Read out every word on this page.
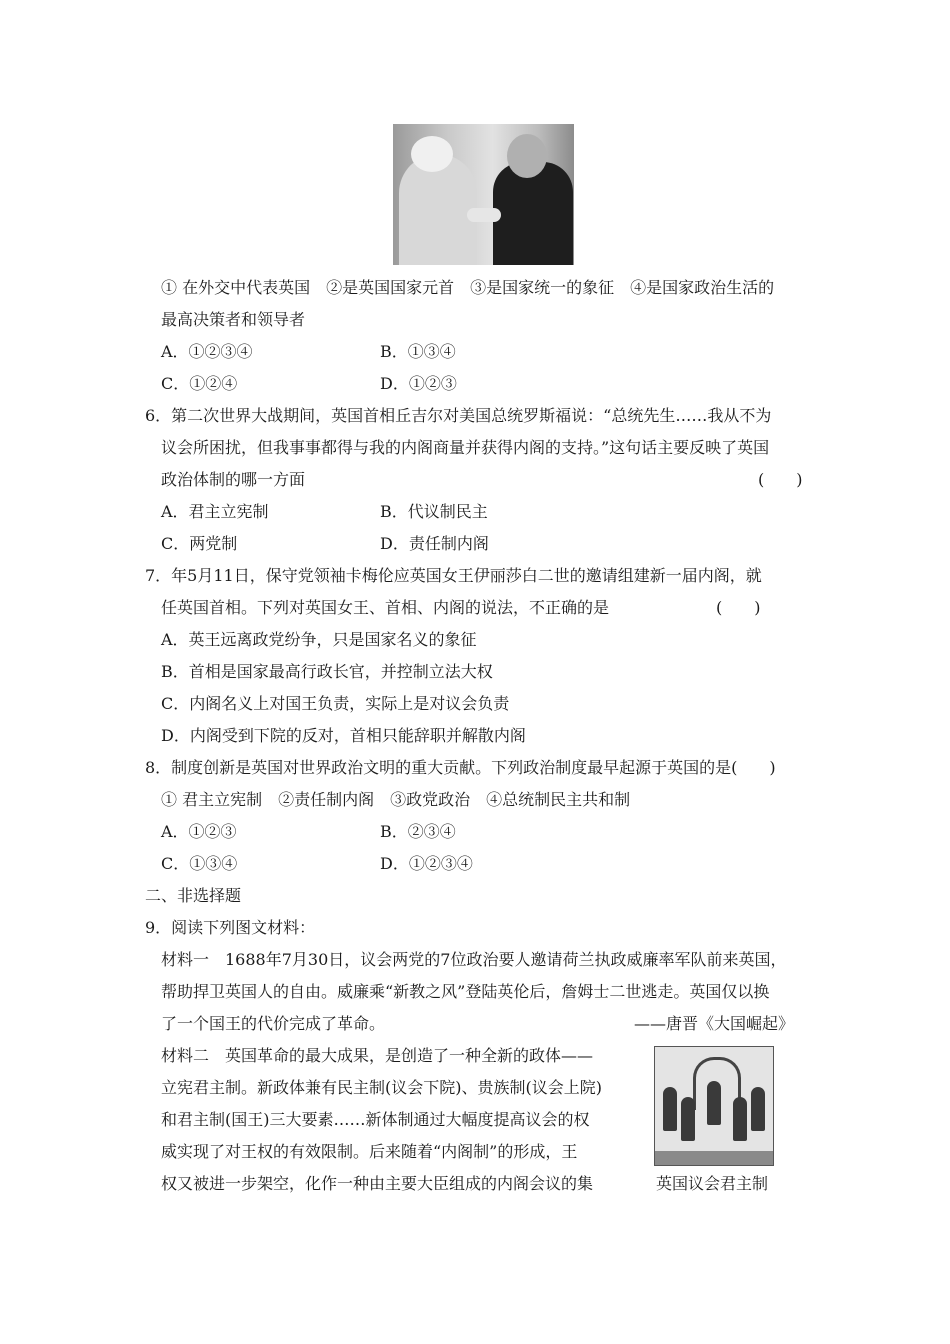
① 在外交中代表英国　②是英国国家元首　③是国家统一的象征　④是国家政治生活的
最高决策者和领导者
A．①②③④	B．①③④
C．①②④	D．①②③
6．第二次世界大战期间，英国首相丘吉尔对美国总统罗斯福说：“总统先生……我从不为
议会所困扰，但我事事都得与我的内阁商量并获得内阁的支持。”这句话主要反映了英国
政治体制的哪一方面	(　　)
A．君主立宪制	B．代议制民主
C．两党制	D．责任制内阁
7．年5月11日，保守党领袖卡梅伦应英国女王伊丽莎白二世的邀请组建新一届内阁，就
任英国首相。下列对英国女王、首相、内阁的说法，不正确的是	(　　)
A．英王远离政党纷争，只是国家名义的象征
B．首相是国家最高行政长官，并控制立法大权
C．内阁名义上对国王负责，实际上是对议会负责
D．内阁受到下院的反对，首相只能辞职并解散内阁
8．制度创新是英国对世界政治文明的重大贡献。下列政治制度最早起源于英国的是(　　)
① 君主立宪制　②责任制内阁　③政党政治　④总统制民主共和制
A．①②③	B．②③④
C．①③④	D．①②③④
二、非选择题
9．阅读下列图文材料：
材料一　1688年7月30日，议会两党的7位政治要人邀请荷兰执政威廉率军队前来英国，
帮助捍卫英国人的自由。威廉乘“新教之风”登陆英伦后，詹姆士二世逃走。英国仅以换
了一个国王的代价完成了革命。	——唐晋《大国崛起》
材料二　英国革命的最大成果，是创造了一种全新的政体——
立宪君主制。新政体兼有民主制(议会下院)、贵族制(议会上院)
和君主制(国王)三大要素……新体制通过大幅度提高议会的权
威实现了对王权的有效限制。后来随着“内阁制”的形成，王
权又被进一步架空，化作一种由主要大臣组成的内阁会议的集	英国议会君主制
